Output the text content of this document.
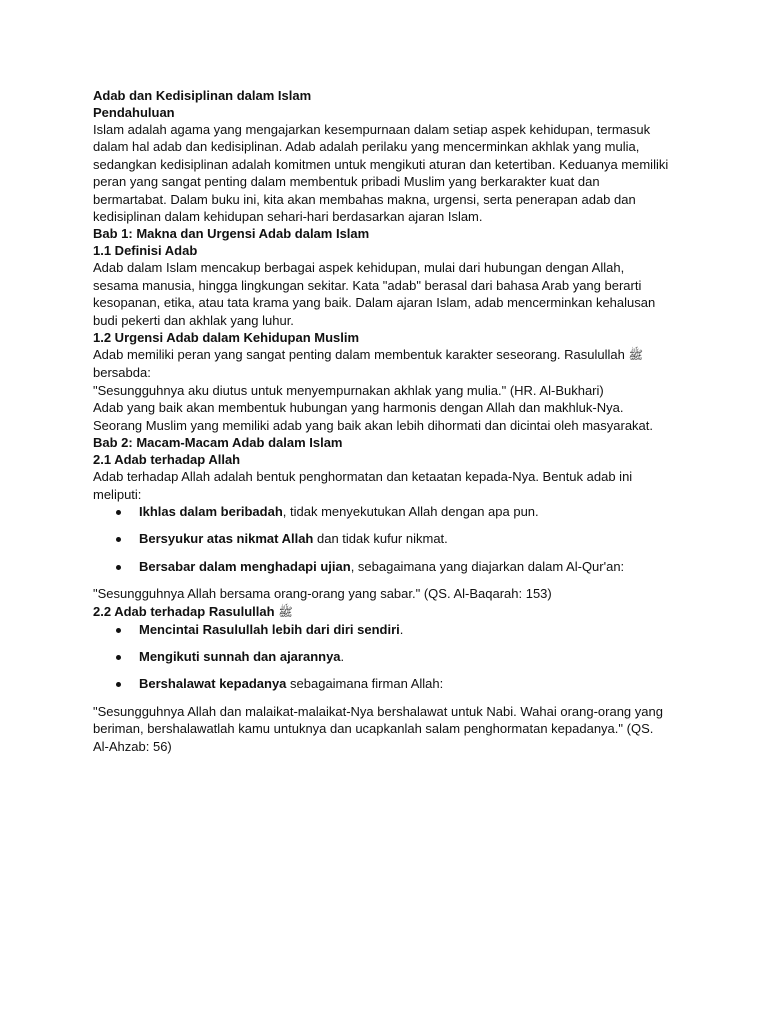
Adab dan Kedisiplinan dalam Islam
Pendahuluan

Islam adalah agama yang mengajarkan kesempurnaan dalam setiap aspek kehidupan, termasuk dalam hal adab dan kedisiplinan. Adab adalah perilaku yang mencerminkan akhlak yang mulia, sedangkan kedisiplinan adalah komitmen untuk mengikuti aturan dan ketertiban. Keduanya memiliki peran yang sangat penting dalam membentuk pribadi Muslim yang berkarakter kuat dan bermartabat. Dalam buku ini, kita akan membahas makna, urgensi, serta penerapan adab dan kedisiplinan dalam kehidupan sehari-hari berdasarkan ajaran Islam.

Bab 1: Makna dan Urgensi Adab dalam Islam
1.1 Definisi Adab

Adab dalam Islam mencakup berbagai aspek kehidupan, mulai dari hubungan dengan Allah, sesama manusia, hingga lingkungan sekitar. Kata "adab" berasal dari bahasa Arab yang berarti kesopanan, etika, atau tata krama yang baik. Dalam ajaran Islam, adab mencerminkan kehalusan budi pekerti dan akhlak yang luhur.

1.2 Urgensi Adab dalam Kehidupan Muslim

Adab memiliki peran yang sangat penting dalam membentuk karakter seseorang. Rasulullah ﷺ bersabda:

"Sesungguhnya aku diutus untuk menyempurnakan akhlak yang mulia." (HR. Al-Bukhari)

Adab yang baik akan membentuk hubungan yang harmonis dengan Allah dan makhluk-Nya. Seorang Muslim yang memiliki adab yang baik akan lebih dihormati dan dicintai oleh masyarakat.

Bab 2: Macam-Macam Adab dalam Islam
2.1 Adab terhadap Allah

Adab terhadap Allah adalah bentuk penghormatan dan ketaatan kepada-Nya. Bentuk adab ini meliputi:

Ikhlas dalam beribadah, tidak menyekutukan Allah dengan apa pun.
Bersyukur atas nikmat Allah dan tidak kufur nikmat.
Bersabar dalam menghadapi ujian, sebagaimana yang diajarkan dalam Al-Qur'an:

"Sesungguhnya Allah bersama orang-orang yang sabar." (QS. Al-Baqarah: 153)

2.2 Adab terhadap Rasulullah ﷺ
Mencintai Rasulullah lebih dari diri sendiri.
Mengikuti sunnah dan ajarannya.
Bershalawat kepadanya sebagaimana firman Allah:

"Sesungguhnya Allah dan malaikat-malaikat-Nya bershalawat untuk Nabi. Wahai orang-orang yang beriman, bershalawatlah kamu untuknya dan ucapkanlah salam penghormatan kepadanya." (QS. Al-Ahzab: 56)
